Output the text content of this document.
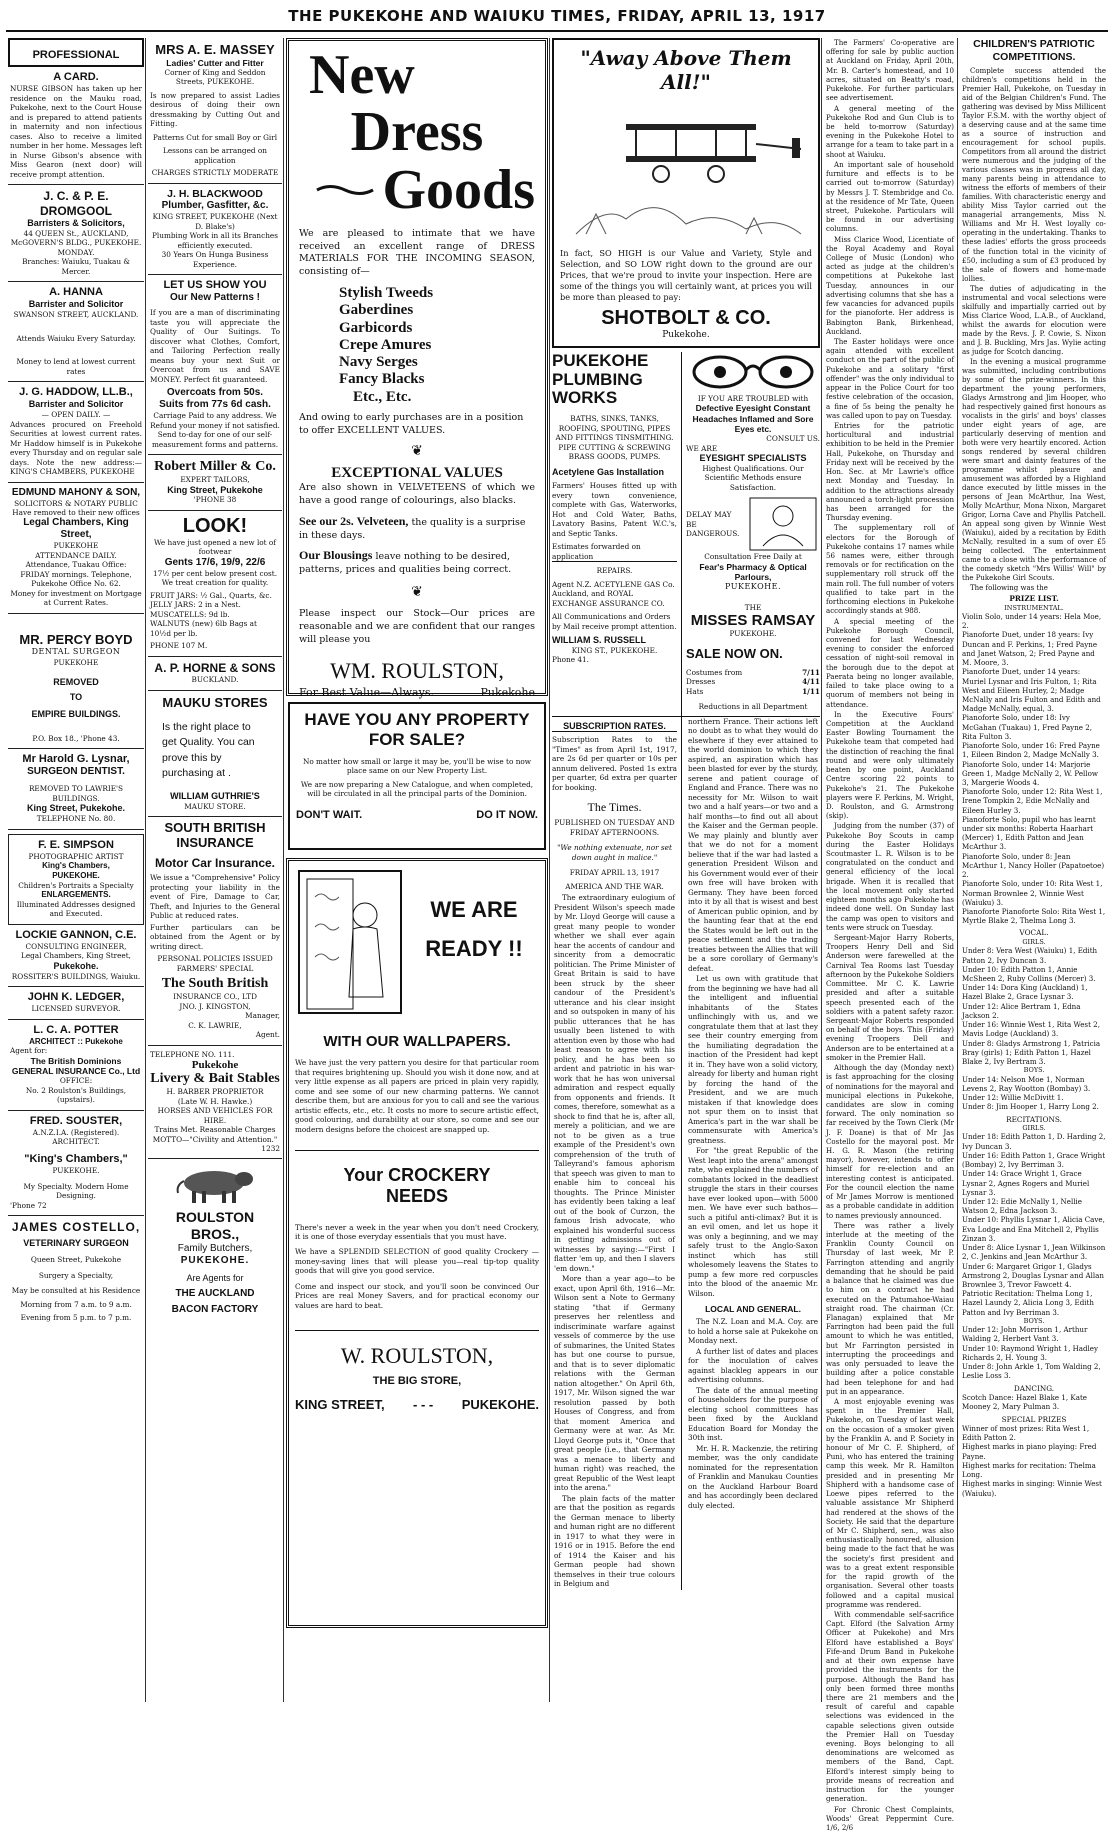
THE PUKEKOHE AND WAIUKU TIMES, FRIDAY, APRIL 13, 1917
PROFESSIONAL
A CARD.
NURSE GIBSON has taken up her residence on the Mauku road, Pukekohe, next to the Court House and is prepared to attend patients in maternity and non infectious cases. Also to receive a limited number in her home. Messages left in Nurse Gibson's absence with Miss Gearon (next door) will receive prompt attention.
J. C. & P. E. DROMGOOL
Barristers & Solicitors,
44 QUEEN St., AUCKLAND,
McGOVERN'S BLDG., PUKEKOHE. MONDAY.
Branches: Waiuku, Tuakau & Mercer.
A. HANNA
Barrister and Solicitor
SWANSON STREET, AUCKLAND.
Attends Waiuku Every Saturday.
Money to lend at lowest current rates
J. G. HADDOW, LL.B.,
Barrister and Solicitor
— OPEN DAILY. —
Advances procured on Freehold Securities at lowest current rates. Mr Haddow himself is in Pukekohe every Thursday and on regular sale days. Note the new address:— KING'S CHAMBERS, PUKEKOHE
EDMUND MAHONY & SON,
SOLICITORS & NOTARY PUBLIC
Have removed to their new offices
Legal Chambers, King Street,
PUKEKOHE
ATTENDANCE DAILY.
Attendance, Tuakau Office: FRIDAY mornings. Telephone, Pukekohe Office No. 62.
Money for investment on Mortgage at Current Rates.
MR. PERCY BOYD
DENTAL SURGEON
PUKEKOHE
REMOVED
TO
EMPIRE BUILDINGS.
P.O. Box 18., 'Phone 43.
Mr Harold G. Lysnar,
SURGEON DENTIST.
REMOVED TO LAWRIE'S BUILDINGS.
King Street, Pukekohe.
TELEPHONE No. 80.
F. E. SIMPSON
PHOTOGRAPHIC ARTIST
King's Chambers,
PUKEKOHE.
Children's Portraits a Specialty
ENLARGEMENTS.
Illuminated Addresses designed and Executed.
LOCKIE GANNON, C.E.
CONSULTING ENGINEER,
Legal Chambers, King Street,
Pukekohe.
ROSSITER'S BUILDINGS, Waiuku.
JOHN K. LEDGER,
LICENSED SURVEYOR.
L. C. A. POTTER
ARCHITECT :: Pukekohe
Agent for:
The British Dominions GENERAL INSURANCE Co., Ltd
OFFICE:
No. 2 Roulston's Buildings, (upstairs).
FRED. SOUSTER,
A.N.Z.I.A. (Registered).
ARCHITECT.
"King's Chambers,"
PUKEKOHE.
My Specialty. Modern Home Designing.
'Phone 72
JAMES COSTELLO,
VETERINARY SURGEON
Queen Street, Pukekohe
Surgery a Specialty,
May be consulted at his Residence
Morning from 7 a.m. to 9 a.m.
Evening from 5 p.m. to 7 p.m.
MRS A. E. MASSEY
Ladies' Cutter and Fitter
Corner of King and Seddon Streets, PUKEKOHE.
Is now prepared to assist Ladies desirous of doing their own dressmaking by Cutting Out and Fitting.
Patterns Cut for small Boy or Girl
Lessons can be arranged on application
CHARGES STRICTLY MODERATE
J. H. BLACKWOOD
Plumber, Gasfitter, &c.
KING STREET, PUKEKOHE (Next D. Blake's)
Plumbing Work in all its Branches efficiently executed.
30 Years On Hunga Business Experience.
LET US SHOW YOU
Our New Patterns !
If you are a man of discriminating taste you will appreciate the Quality of Our Suitings. To discover what Clothes, Comfort, and Tailoring Perfection really means buy your next Suit or Overcoat from us and SAVE MONEY. Perfect fit guaranteed.
Overcoats from 50s.
Suits from 77s 6d cash.
Carriage Paid to any address. We Refund your money if not satisfied. Send to-day for one of our self-measurement forms and patterns.
Robert Miller & Co.
EXPERT TAILORS,
King Street, Pukekohe
'PHONE 38
LOOK!
We have just opened a new lot of footwear
Gents 17/6, 19/9, 22/6
17½ per cent below present cost. We treat creation for quality.
FRUIT JARS: ½ Gal., Quarts, &c. JELLY JARS: 2 in a Nest. MUSCATELLS: 9d lb.
WALNUTS (new) 6lb Bags at 10½d per lb.
PHONE 107 M.
A. P. HORNE & SONS
BUCKLAND.
MAUKU STORES
Is the right place to get Quality. You can prove this by purchasing at .
WILLIAM GUTHRIE'S
MAUKU STORE.
SOUTH BRITISH INSURANCE
Motor Car Insurance.
We issue a "Comprehensive" Policy protecting your liability in the event of Fire, Damage to Car, Theft, and Injuries to the General Public at reduced rates.
Further particulars can be obtained from the Agent or by writing direct.
PERSONAL POLICIES ISSUED
FARMERS' SPECIAL
The South British
INSURANCE CO., LTD
JNO. J. KINGSTON,
Manager,
C. K. LAWRIE,
Agent.
TELEPHONE NO. 111.
Pukekohe
Livery & Bait Stables
H. BARBER PROPRIETOR
(Late W. H. Hawke.)
HORSES AND VEHICLES FOR HIRE.
Trains Met. Reasonable Charges
MOTTO—"Civility and Attention."
1232
ROULSTON BROS.,
Family Butchers,
PUKEKOHE.
Are Agents for
THE AUCKLAND
BACON FACTORY
New
Dress
Goods
We are pleased to intimate that we have received an excellent range of DRESS MATERIALS FOR THE INCOMING SEASON, consisting of—
Stylish Tweeds
Gaberdines
Garbicords
Crepe Amures
Navy Serges
Fancy Blacks
Etc., Etc.
And owing to early purchases are in a position to offer EXCELLENT VALUES.
❦
EXCEPTIONAL VALUES
Are also shown in VELVETEENS of which we have a good range of colourings, also blacks.
See our 2s. Velveteen, the quality is a surprise in these days.
Our Blousings leave nothing to be desired, patterns, prices and qualities being correct.
❦
Please inspect our Stock—Our prices are reasonable and we are confident that our ranges will please you
WM. ROULSTON,
For Best Value—Always.	Pukekohe
HAVE YOU ANY PROPERTY FOR SALE?
No matter how small or large it may be, you'll be wise to now place same on our New Property List.
We are now preparing a New Catalogue, and when completed, will be circulated in all the principal parts of the Dominion.
DON'T WAIT.	DO IT NOW.
WE ARE
READY !!
WITH OUR WALLPAPERS.
We have just the very pattern you desire for that particular room that requires brightening up. Should you wish it done now, and at very little expense as all papers are priced in plain very rapidly, come and see some of our new charming patterns. We cannot describe them, but are anxious for you to call and see the various artistic effects, etc., etc. It costs no more to secure artistic effect, good colouring, and durability at our store, so come and see our modern designs before the choicest are snapped up.
Your CROCKERY
NEEDS
There's never a week in the year when you don't need Crockery, it is one of those everyday essentials that you must have.
We have a SPLENDID SELECTION of good quality Crockery — money-saving lines that will please you—real tip-top quality goods that will give you good service.
Come and inspect our stock, and you'll soon be convinced Our Prices are real Money Savers, and for practical economy our values are hard to beat.
W. ROULSTON,
THE BIG STORE,
KING STREET, - - - PUKEKOHE.
"Away Above Them All!"
In fact, SO HIGH is our Value and Variety, Style and Selection, and SO LOW right down to the ground are our Prices, that we're proud to invite your inspection. Here are some of the things you will certainly want, at prices you will be more than pleased to pay:
SHOTBOLT & CO.
Pukekohe.
PUKEKOHE PLUMBING WORKS
BATHS, SINKS, TANKS, ROOFING, SPOUTING, PIPES AND FITTINGS TINSMITHING. PIPE CUTTING & SCREWING BRASS GOODS, PUMPS.
Acetylene Gas Installation
Farmers' Houses fitted up with every town convenience, complete with Gas, Waterworks, Hot and Cold Water, Baths, Lavatory Basins, Patent W.C.'s, and Septic Tanks.
Estimates forwarded on application
REPAIRS.
Agent N.Z. ACETYLENE GAS Co. Auckland, and ROYAL EXCHANGE ASSURANCE CO.
All Communications and Orders by Mail receive prompt attention.
WILLIAM S. RUSSELL
KING ST., PUKEKOHE.
Phone 41.
IF YOU ARE TROUBLED with
Defective Eyesight Constant Headaches Inflamed and Sore Eyes etc.
CONSULT US.
WE ARE
EYESIGHT SPECIALISTS
Highest Qualifications. Our Scientific Methods ensure Satisfaction.
DELAY MAY BE DANGEROUS.
Consultation Free Daily at
Fear's Pharmacy & Optical Parlours,
PUKEKOHE.
THE
MISSES RAMSAY
PUKEKOHE.
SALE NOW ON.
Costumes from	7/11
Dresses	4/11
Hats	1/11
Reductions in all Department
SUBSCRIPTION RATES.
Subscription Rates to the "Times" as from April 1st, 1917, are 2s 6d per quarter or 10s per annum delivered. Posted 1s extra per quarter, 6d extra per quarter for booking.
The Times.
PUBLISHED ON TUESDAY AND FRIDAY AFTERNOONS.
"We nothing extenuate, nor set down aught in malice."
FRIDAY APRIL 13, 1917
AMERICA AND THE WAR.

The extraordinary eulogium of President Wilson's speech made by Mr. Lloyd George will cause a great many people to wonder whether we shall ever again hear the accents of candour and sincerity from a democratic politician. The Prime Minister of Great Britain is said to have been struck by the sheer candour of the President's utterance and his clear insight and so outspoken in many of his public utterances that he has usually been listened to with attention even by those who had least reason to agree with his policy, and he has been so ardent and patriotic in his war-work that he has won universal admiration and respect equally from opponents and friends. It comes, therefore, somewhat as a shock to find that he is, after all, merely a politician, and we are not to be given as a true example of the President's own comprehension of the truth of Talleyrand's famous aphorism that speech was given to man to enable him to conceal his thoughts. The Prince Minister has evidently been taking a leaf out of the book of Curzon, the famous Irish advocate, who explained his wonderful success in getting admissions out of witnesses by saying:—"First I flatter 'em up, and then I slavers 'em down."

More than a year ago—to be exact, upon April 6th, 1916—Mr. Wilson sent a Note to Germany stating "that if Germany preserves her relentless and indiscriminate warfare against vessels of commerce by the use of submarines, the United States has but one course to pursue, and that is to sever diplomatic relations with the German nation altogether." On April 6th, 1917, Mr. Wilson signed the war resolution passed by both Houses of Congress, and from that moment America and Germany were at war. As Mr. Lloyd George puts it, "Once that great people (i.e., that Germany was a menace to liberty and human right) was reached, the great Republic of the West leapt into the arena."

The plain facts of the matter are that the position as regards the German menace to liberty and human right are no different in 1917 to what they were in 1916 or in 1915. Before the end of 1914 the Kaiser and his German people had shown themselves in their true colours in Belgium and

northern France. Their actions left no doubt as to what they would do elsewhere if they ever attained to the world dominion to which they aspired, an aspiration which has been blasted for ever by the sturdy, serene and patient courage of England and France. There was no necessity for Mr. Wilson to wait two and a half years—or two and a half months—to find out all about the Kaiser and the German people. We may plainly and bluntly aver that we do not for a moment believe that if the war had lasted a generation President Wilson and his Government would ever of their own free will have broken with Germany. They have been forced into it by all that is wisest and best of American public opinion, and by the haunting fear that at the end the States would be left out in the peace settlement and the trading treaties between the Allies that will be a sore corollary of Germany's defeat.

Let us own with gratitude that from the beginning we have had all the intelligent and influential inhabitants of the States unflinchingly with us, and we congratulate them that at last they see their country emerging from the humiliating degradation the inaction of the President had kept it in. They have won a solid victory, already for liberty and human right by forcing the hand of the President, and we are much mistaken if that knowledge does not spur them on to insist that America's part in the war shall be commensurate with America's greatness.

For "the great Republic of the West leapt into the arena" amongst rate, who explained the numbers of combatants locked in the deadliest struggle the stars in their courses have ever looked upon—with 5000 men. We have ever such bathos—such a pitiful anti-climax? But it is an evil omen, and let us hope it was only a beginning, and we may safely trust to the Anglo-Saxon instinct which has still wholesomely leavens the States to pump a few more red corpuscles into the blood of the anaemic Mr. Wilson.

LOCAL AND GENERAL.

The N.Z. Loan and M.A. Coy. are to hold a horse sale at Pukekohe on Monday next.

A further list of dates and places for the inoculation of calves against blackleg appears in our advertising columns.

The date of the annual meeting of householders for the purpose of electing school committees has been fixed by the Auckland Education Board for Monday the 30th inst.

Mr. H. R. Mackenzie, the retiring member, was the only candidate nominated for the representation of Franklin and Manukau Counties on the Auckland Harbour Board and has accordingly been declared duly elected.

The Farmers' Co-operative are offering for sale by public auction at Auckland on Friday, April 20th, Mr. B. Carter's homestead, and 10 acres, situated on Beatty's road, Pukekohe. For further particulars see advertisement.

A general meeting of the Pukekohe Rod and Gun Club is to be held to-morrow (Saturday) evening in the Pukekohe Hotel to arrange for a team to take part in a shoot at Waiuku.

An important sale of household furniture and effects is to be carried out to-morrow (Saturday) by Messrs J. T. Stembridge and Co. at the residence of Mr Tate, Queen street, Pukekohe. Particulars will be found in our advertising columns.

Miss Clarice Wood, Licentiate of the Royal Academy and Royal College of Music (London) who acted as judge at the children's competitions at Pukekohe last Tuesday, announces in our advertising columns that she has a few vacancies for advanced pupils for the pianoforte. Her address is Babington Bank, Birkenhead, Auckland.

The Easter holidays were once again attended with excellent conduct on the part of the public of Pukekohe and a solitary "first offender" was the only individual to appear in the Police Court for too festive celebration of the occasion, a fine of 5s being the penalty he was called upon to pay on Tuesday.

Entries for the patriotic horticultural and industrial exhibition to be held in the Premier Hall, Pukekohe, on Thursday and Friday next will be received by the Hon. Sec. at Mr Lawrie's office next Monday and Tuesday. In addition to the attractions already announced a torch-light procession has been arranged for the Thursday evening.

The supplementary roll of electors for the Borough of Pukekohe contains 17 names while 56 names were, either through removals or for rectification on the supplementary roll struck off the main roll. The full number of voters qualified to take part in the forthcoming elections in Pukekohe accordingly stands at 988.

A special meeting of the Pukekohe Borough Council, convened for last Wednesday evening to consider the enforced cessation of night-soil removal in the borough due to the depot at Paerata being no longer available, failed to take place owing to a quorum of members not being in attendance.

In the Executive Fours' Competition at the Auckland Easter Bowling Tournament the Pukekohe team that competed had the distinction of reaching the final round and were only ultimately beaten by one point, Auckland Centre scoring 22 points to Pukekohe's 21. The Pukekohe players were F. Perkins, M. Wright, D. Roulston, and G. Armstrong (skip).

Judging from the number (37) of Pukekohe Boy Scouts in camp during the Easter Holidays Scoutmaster L. R. Wilson is to be congratulated on the conduct and general efficiency of the local brigade. When it is recalled that the local movement only started eighteen months ago Pukekohe has indeed done well. On Sunday last the camp was open to visitors and tents were struck on Tuesday.

Sergeant-Major Harry Roberts, Troopers Henry Dell and Sid Anderson were farewelled at the Carnival Tea Rooms last Tuesday afternoon by the Pukekohe Soldiers Committee. Mr C. K. Lawrie presided and after a suitable speech presented each of the soldiers with a patent safety razor. Sergeant-Major Roberts responded on behalf of the boys. This (Friday) evening Troopers Dell and Anderson are to be entertained at a smoker in the Premier Hall.

Although the day (Monday next) is fast approaching for the closing of nominations for the mayoral and municipal elections in Pukekohe, candidates are slow in coming forward. The only nomination so far received by the Town Clerk (Mr J. F. Doane) is that of Mr Jas Costello for the mayoral post. Mr H. G. R. Mason (the retiring mayor), however, intends to offer himself for re-election and an interesting contest is anticipated. For the council election the name of Mr James Morrow is mentioned as a probable candidate in addition to names previously announced.

There was rather a lively interlude at the meeting of the Franklin County Council on Thursday of last week, Mr P. Farrington attending and angrily demanding that he should be paid a balance that he claimed was due to him on a contract he had executed on the Patumahoe-Waiau straight road. The chairman (Cr. Flanagan) explained that Mr Farrington had been paid the full amount to which he was entitled, but Mr Farrington persisted in interrupting the proceedings and was only persuaded to leave the building after a police constable had been telephone for and had put in an appearance.

A most enjoyable evening was spent in the Premier Hall, Pukekohe, on Tuesday of last week on the occasion of a smoker given by the Franklin A. and P. Society in honour of Mr C. F. Shipherd, of Puni, who has entered the training camp this week. Mr R. Hamilton presided and in presenting Mr Shipherd with a handsome case of Loewe pipes referred to the valuable assistance Mr Shipherd had rendered at the shows of the Society. He said that the departure of Mr C. Shipherd, sen., was also enthusiastically honoured, allusion being made to the fact that he was the society's first president and was to a great extent responsible for the rapid growth of the organisation. Several other toasts followed and a capital musical programme was rendered.

With commendable self-sacrifice Capt. Elford (the Salvation Army Officer at Pukekohe) and Mrs Elford have established a Boys' Fife-and Drum Band in Pukekohe and at their own expense have provided the instruments for the purpose. Although the Band has only been formed three months there are 21 members and the result of careful and capable selections was evidenced in the capable selections given outside the Premier Hall on Tuesday evening. Boys belonging to all denominations are welcomed as members of the Band, Capt. Elford's interest simply being to provide means of recreation and instruction for the younger generation.

For Chronic Chest Complaints, Woods' Great Peppermint Cure. 1/6, 2/6

CHILDREN'S PATRIOTIC COMPETITIONS.

Complete success attended the children's competitions held in the Premier Hall, Pukekohe, on Tuesday in aid of the Belgian Children's Fund. The gathering was devised by Miss Millicent Taylor F.S.M. with the worthy object of a deserving cause and at the same time as a source of instruction and encouragement for school pupils. Competitors from all around the district were numerous and the judging of the various classes was in progress all day, many parents being in attendance to witness the efforts of members of their families. With characteristic energy and ability Miss Taylor carried out the managerial arrangements, Miss N. Williams and Mr H. West loyally co-operating in the undertaking. Thanks to these ladies' efforts the gross proceeds of the function total in the vicinity of £50, including a sum of £3 produced by the sale of flowers and home-made lollies.

The duties of adjudicating in the instrumental and vocal selections were skilfully and impartially carried out by Miss Clarice Wood, L.A.B., of Auckland, whilst the awards for elocution were made by the Revs. J. P. Cowie, S. Nixon and J. B. Buckling, Mrs Jas. Wylie acting as judge for Scotch dancing.

In the evening a musical programme was submitted, including contributions by some of the prize-winners. In this department the young performers, Gladys Armstrong and Jim Hooper, who had respectively gained first honours as vocalists in the girls' and boys' classes under eight years of age, are particularly deserving of mention and both were very heartily encored. Action songs rendered by several children were smart and dainty features of the programme whilst pleasure and amusement was afforded by a Highland dance executed by little misses in the persons of Jean McArthur, Ina West, Molly McArthur, Mona Nixon, Margaret Grigor, Lorna Cave and Phyllis Patchell. An appeal song given by Winnie West (Waiuku), aided by a recitation by Edith McNally, resulted in a sum of over £5 being collected. The entertainment came to a close with the performance of the comedy sketch "Mrs Willis' Will" by the Pukekohe Girl Scouts.

The following was the

PRIZE LIST.
INSTRUMENTAL.

Violin Solo, under 14 years: Hela Moe, 2.

Pianoforte Duet, under 18 years: Ivy Duncan and F. Perkins, 1; Fred Payne and Janet Watson, 2; Fred Payne and M. Moore, 3.

Pianoforte Duet, under 14 years: Muriel Lysnar and Iris Fulton, 1; Rita West and Eileen Hurley, 2; Madge McNally and Iris Fulton and Edith and Madge McNally, equal, 3.

Pianoforte Solo, under 18: Ivy McGahan (Tuakau) 1, Fred Payne 2, Rita Fulton 3.

Pianoforte Solo, under 16: Fred Payne 1, Eileen Bindon 2, Madge McNally 3.

Pianoforte Solo, under 14: Marjorie Green 1, Madge McNally 2, W. Pellow 3, Margerie Woods 4.

Pianoforte Solo, under 12: Rita West 1, Irene Tompkin 2, Edie McNally and Eileen Hurley 3.

Pianoforte Solo, pupil who has learnt under six months: Roberta Haarhart (Mercer) 1, Edith Patton and Jean McArthur 3.

Pianoforte Solo, under 8: Jean McArthur 1, Nancy Holler (Papatoetoe) 2.

Pianoforte Solo, under 10: Rita West 1, Norman Brownlee 2, Winnie West (Waiuku) 3.

Pianoforte Pianoforte Solo: Rita West 1, Myrtle Blake 2, Thelma Long 3.

VOCAL.
GIRLS.

Under 8: Vera West (Waiuku) 1, Edith Patton 2, Ivy Duncan 3.

Under 10: Edith Patton 1, Annie McSheen 2, Ruby Collins (Mercer) 3.

Under 14: Dora King (Auckland) 1, Hazel Blake 2, Grace Lysnar 3.

Under 12: Alice Bertram 1, Edna Jackson 2.

Under 16: Winnie West 1, Rita West 2, Mavis Lodge (Auckland) 3.

Under 8: Gladys Armstrong 1, Patricia Bray (girls) 1; Edith Patton 1, Hazel Blake 2, Ivy Bertram 3.

BOYS.

Under 14: Nelson Moe 1, Norman Levens 2, Ray Wootton (Bombay) 3.

Under 12: Willie McDivitt 1.

Under 8: Jim Hooper 1, Harry Long 2.

RECITATIONS.
GIRLS.

Under 18: Edith Patton 1, D. Harding 2, Ivy Duncan 3.

Under 16: Edith Patton 1, Grace Wright (Bombay) 2, Ivy Berriman 3.

Under 14: Grace Wright 1, Grace Lysnar 2, Agnes Rogers and Muriel Lysnar 3.

Under 12: Edie McNally 1, Nellie Watson 2, Edna Jackson 3.

Under 10: Phyllis Lysnar 1, Alicia Cave, Eva Lodge and Ena Mitchell 2, Phyllis Zinzan 3.

Under 8: Alice Lysnar 1, Jean Wilkinson 2, C. Jenkins and Jean McArthur 3.

Under 6: Margaret Grigor 1, Gladys Armstrong 2, Douglas Lysnar and Allan Brownlee 3, Trevor Fawcett 4.

Patriotic Recitation: Thelma Long 1, Hazel Laundy 2, Alicia Long 3, Edith Patton and Ivy Berriman 3.

BOYS.

Under 12: John Morrison 1, Arthur Walding 2, Herbert Vant 3.

Under 10: Raymond Wright 1, Hadley Richards 2, H. Young 3.

Under 8: John Arkle 1, Tom Walding 2, Leslie Loss 3.

DANCING.

Scotch Dance: Hazel Blake 1, Kate Mooney 2, Mary Pulman 3.

SPECIAL PRIZES

Winner of most prizes: Rita West 1, Edith Patton 2.

Highest marks in piano playing: Fred Payne.

Highest marks for recitation: Thelma Long.

Highest marks in singing: Winnie West (Waiuku).
